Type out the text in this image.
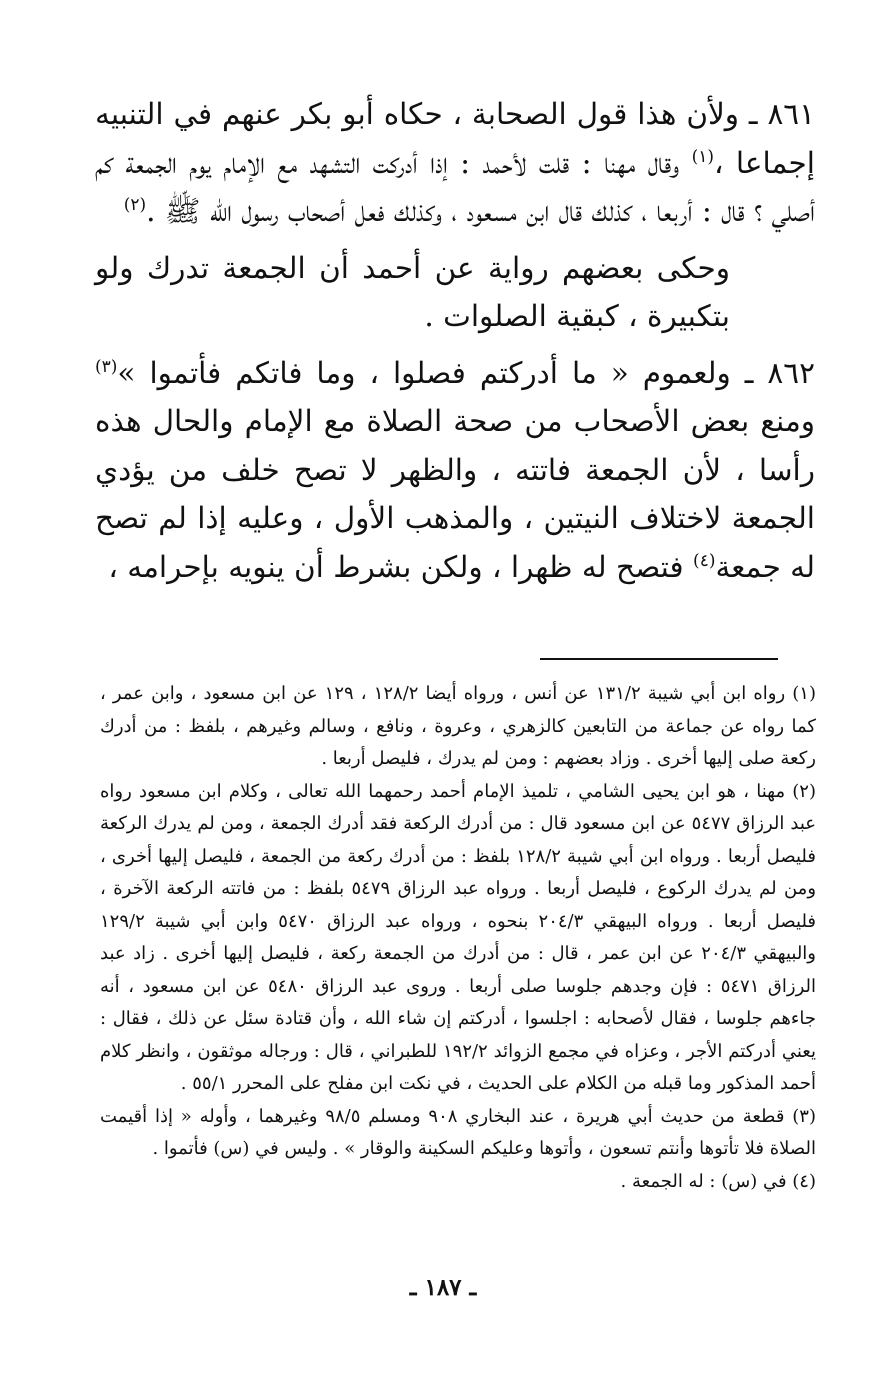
٨٦١ ـ ولأن هذا قول الصحابة ، حكاه أبو بكر عنهم في التنبيه إجماعا ،$^{(١)}$ وقال مهنا : قلت لأحمد : إذا أدركت التشهد مع الإمام يوم الجمعة كم أصلي ؟ قال : أربعا ، كذلك قال ابن مسعود ، وكذلك فعل أصحاب رسول الله ﷺ .$^{(٢)}$

وحكى بعضهم رواية عن أحمد أن الجمعة تدرك ولو بتكبيرة ، كبقية الصلوات .

٨٦٢ ـ ولعموم « ما أدركتم فصلوا ، وما فاتكم فأتموا »$^{(٣)}$ ومنع بعض الأصحاب من صحة الصلاة مع الإمام والحال هذه رأسا ، لأن الجمعة فاتته ، والظهر لا تصح خلف من يؤدي الجمعة لاختلاف النيتين ، والمذهب الأول ، وعليه إذا لم تصح له جمعة$^{(٤)}$ فتصح له ظهرا ، ولكن بشرط أن ينويه بإحرامه ،

(١) رواه ابن أبي شيبة ١٣١/٢ عن أنس ، ورواه أيضا ١٢٨/٢ ، ١٢٩ عن ابن مسعود ، وابن عمر ، كما رواه عن جماعة من التابعين كالزهري ، وعروة ، ونافع ، وسالم وغيرهم ، بلفظ : من أدرك ركعة صلى إليها أخرى . وزاد بعضهم : ومن لم يدرك ، فليصل أربعا .

(٢) مهنا ، هو ابن يحيى الشامي ، تلميذ الإمام أحمد رحمهما الله تعالى ، وكلام ابن مسعود رواه عبد الرزاق ٥٤٧٧ عن ابن مسعود قال : من أدرك الركعة فقد أدرك الجمعة ، ومن لم يدرك الركعة فليصل أربعا . ورواه ابن أبي شيبة ١٢٨/٢ بلفظ : من أدرك ركعة من الجمعة ، فليصل إليها أخرى ، ومن لم يدرك الركوع ، فليصل أربعا . ورواه عبد الرزاق ٥٤٧٩ بلفظ : من فاتته الركعة الآخرة ، فليصل أربعا . ورواه البيهقي ٢٠٤/٣ بنحوه ، ورواه عبد الرزاق ٥٤٧٠ وابن أبي شيبة ١٢٩/٢ والبيهقي ٢٠٤/٣ عن ابن عمر ، قال : من أدرك من الجمعة ركعة ، فليصل إليها أخرى . زاد عبد الرزاق ٥٤٧١ : فإن وجدهم جلوسا صلى أربعا . وروى عبد الرزاق ٥٤٨٠ عن ابن مسعود ، أنه جاءهم جلوسا ، فقال لأصحابه : اجلسوا ، أدركتم إن شاء الله ، وأن قتادة سئل عن ذلك ، فقال : يعني أدركتم الأجر ، وعزاه في مجمع الزوائد ١٩٢/٢ للطبراني ، قال : ورجاله موثقون ، وانظر كلام أحمد المذكور وما قبله من الكلام على الحديث ، في نكت ابن مفلح على المحرر ٥٥/١ .

(٣) قطعة من حديث أبي هريرة ، عند البخاري ٩٠٨ ومسلم ٩٨/٥ وغيرهما ، وأوله « إذا أقيمت الصلاة فلا تأتوها وأنتم تسعون ، وأتوها وعليكم السكينة والوقار » . وليس في (س) فأتموا .

(٤) في (س) : له الجمعة .

ـ ١٨٧ ـ
